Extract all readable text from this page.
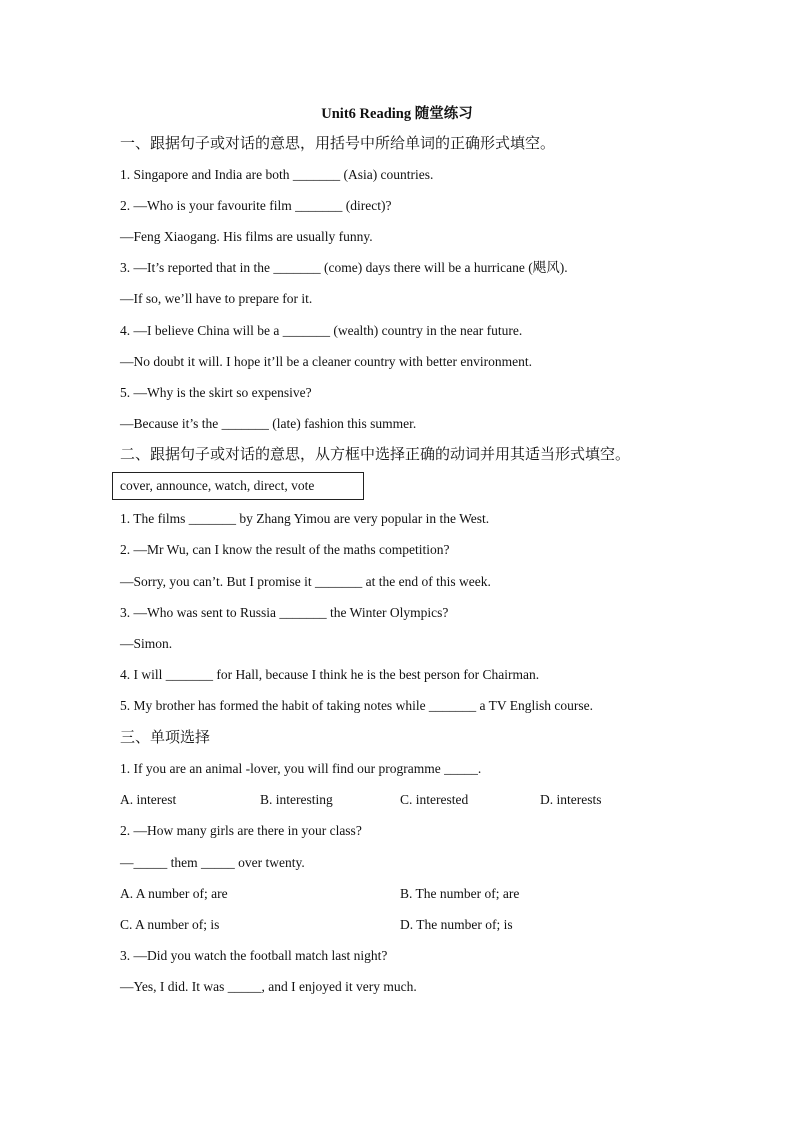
Unit6 Reading 随堂练习
一、跟据句子或对话的意思，用括号中所给单词的正确形式填空。
1. Singapore and India are both _______ (Asia) countries.
2. —Who is your favourite film _______ (direct)?
—Feng Xiaogang. His films are usually funny.
3. —It’s reported that in the _______ (come) days there will be a hurricane (飓风).
—If so, we’ll have to prepare for it.
4. —I believe China will be a _______ (wealth) country in the near future.
—No doubt it will. I hope it’ll be a cleaner country with better environment.
5. —Why is the skirt so expensive?
—Because it’s the _______ (late) fashion this summer.
二、跟据句子或对话的意思，从方框中选择正确的动词并用其适当形式填空。
cover, announce, watch, direct, vote
1. The films _______ by Zhang Yimou are very popular in the West.
2. —Mr Wu, can I know the result of the maths competition?
—Sorry, you can’t. But I promise it _______ at the end of this week.
3. —Who was sent to Russia _______ the Winter Olympics?
—Simon.
4. I will _______ for Hall, because I think he is the best person for Chairman.
5. My brother has formed the habit of taking notes while _______ a TV English course.
三、单项选择
1. If you are an animal -lover, you will find our programme _____.
A. interest	B. interesting	C. interested	D. interests
2. —How many girls are there in your class?
—_____ them _____ over twenty.
A. A number of; are	B. The number of; are
C. A number of; is	D. The number of; is
3. —Did you watch the football match last night?
—Yes, I did. It was _____, and I enjoyed it very much.
